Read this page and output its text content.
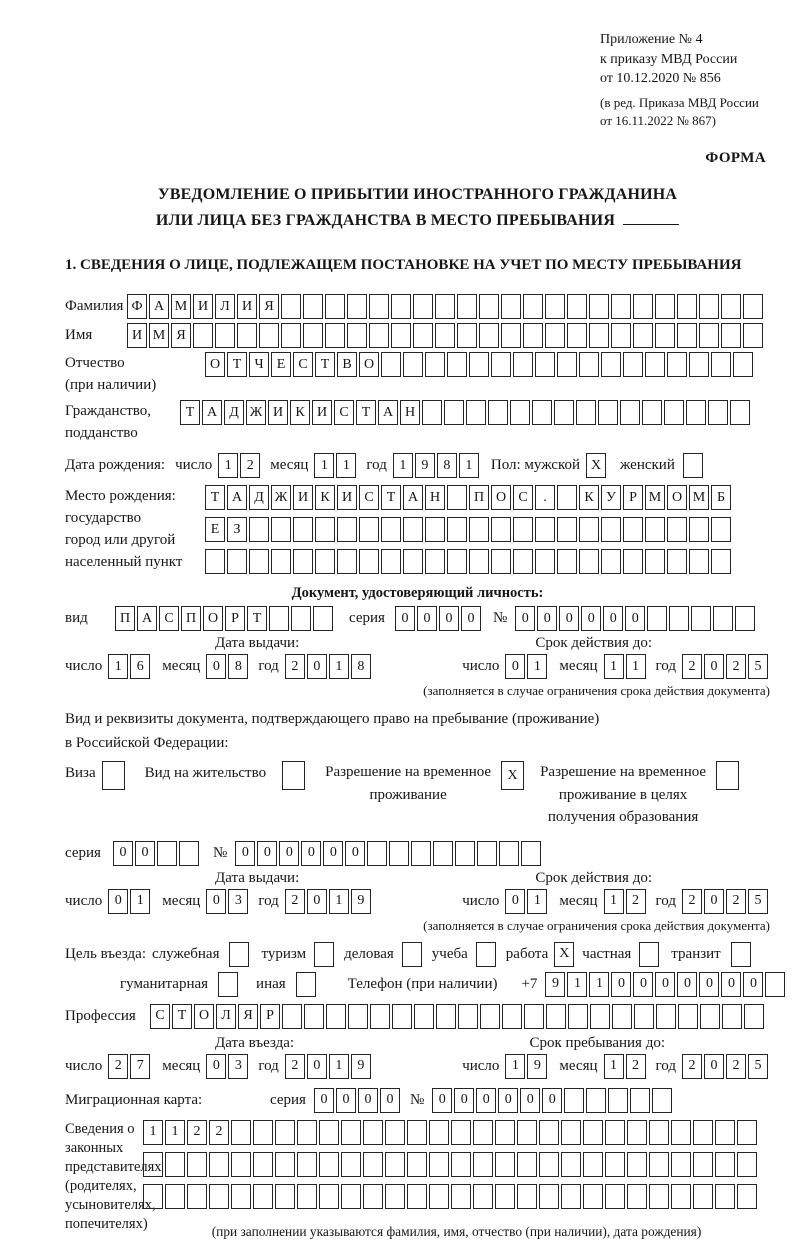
Приложение № 4
к приказу МВД России
от 10.12.2020 № 856
(в ред. Приказа МВД России
от 16.11.2022 № 867)
ФОРМА
УВЕДОМЛЕНИЕ О ПРИБЫТИИ ИНОСТРАННОГО ГРАЖДАНИНА
ИЛИ ЛИЦА БЕЗ ГРАЖДАНСТВА В МЕСТО ПРЕБЫВАНИЯ
1. СВЕДЕНИЯ О ЛИЦЕ, ПОДЛЕЖАЩЕМ ПОСТАНОВКЕ НА УЧЕТ ПО МЕСТУ ПРЕБЫВАНИЯ
Фамилия Ф А М И Л И Я
Имя	И М Я
Отчество
(при наличии)
О Т Ч Е С Т В О
Гражданство,
подданство
Т А Д Ж И К И С Т А Н
Дата рождения: число 1	2	месяц 1	1	год 1	9	8	1	Пол: мужской X	женский
Место рождения:
государство
город или другой
населенный пункт
Т А Д Ж И К И С Т А Н	П О С	.	К У Р М О М Б

Е	З

Документ, удостоверяющий личность:
вид	П А С П О Р Т	серия	0	0	0	0	№	0	0	0	0	0	0
Дата выдачи:	Срок действия до:
число 1	6	месяц 0	8	год 2	0	1	8	число 0	1	месяц 1	1	год 2	0	2	5
(заполняется в случае ограничения срока действия документа)
Вид и реквизиты документа, подтверждающего право на пребывание (проживание)
в Российской Федерации:
Виза	Вид на жительство	Разрешение на временное
проживание
X	Разрешение на временное
проживание в целях
получения образования
серия	0	0	№	0	0	0	0	0	0
Дата выдачи:	Срок действия до:
число 0	1	месяц 0	3	год 2	0	1	9	число 0	1	месяц 1	2	год 2	0	2	5
(заполняется в случае ограничения срока действия документа)
Цель въезда: служебная	туризм	деловая	учеба	работа X частная	транзит
гуманитарная	иная	Телефон (при наличии) +7	9	1	1	0	0	0	0	0	0	0
Профессия	С Т О Л Я Р
Дата въезда:	Срок пребывания до:
число 2	7	месяц 0	3	год 2	0	1	9	число 1	9	месяц 1	2	год 2	0	2	5
Миграционная карта:	серия	0	0	0	0	№	0	0	0	0	0	0
Сведения о
законных
представителях
(родителях,
усыновителях,
попечителях)
1	1	2	2

(при заполнении указываются фамилия, имя, отчество (при наличии), дата рождения)
